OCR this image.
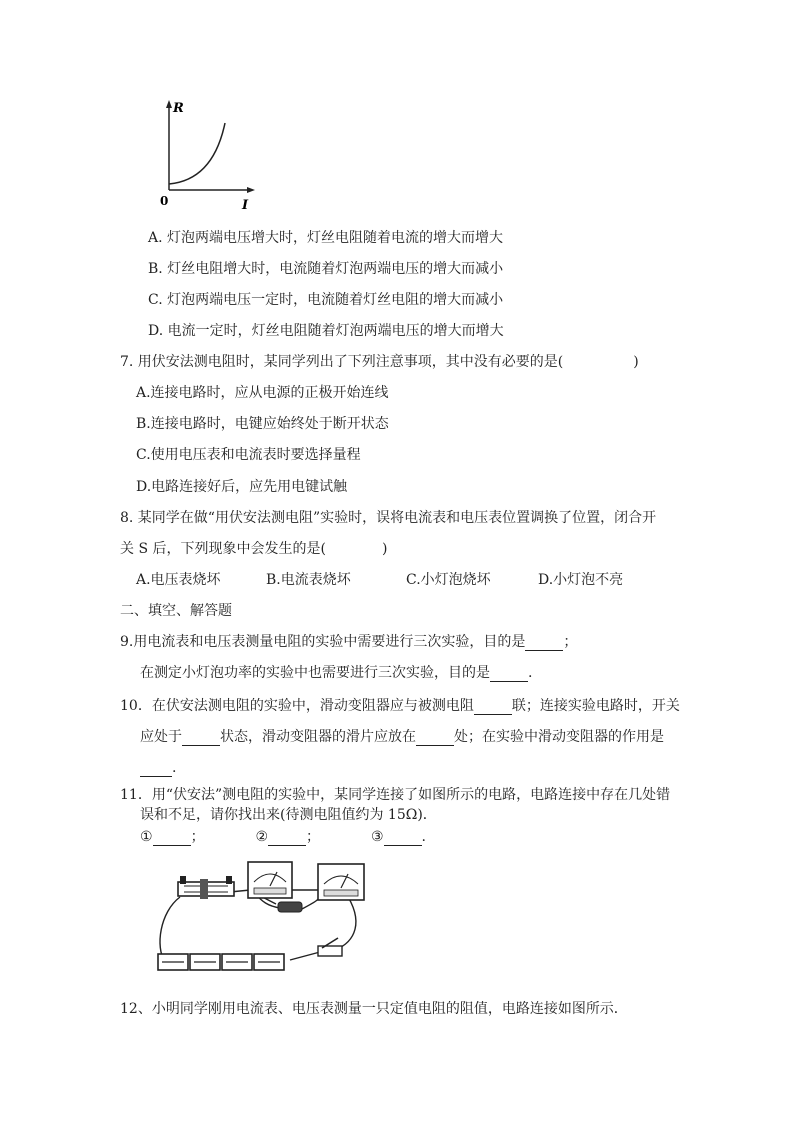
R
I
0
A. 灯泡两端电压增大时，灯丝电阻随着电流的增大而增大
B. 灯丝电阻增大时，电流随着灯泡两端电压的增大而减小
C. 灯泡两端电压一定时，电流随着灯丝电阻的增大而减小
D. 电流一定时，灯丝电阻随着灯泡两端电压的增大而增大
7. 用伏安法测电阻时，某同学列出了下列注意事项，其中没有必要的是(　　　　　)
A.连接电路时，应从电源的正极开始连线
B.连接电路时，电键应始终处于断开状态
C.使用电压表和电流表时要选择量程
D.电路连接好后，应先用电键试触
8. 某同学在做“用伏安法测电阻”实验时，误将电流表和电压表位置调换了位置，闭合开
关 S 后，下列现象中会发生的是(　　　　)
A.电压表烧坏	B.电流表烧坏	C.小灯泡烧坏	D.小灯泡不亮
二、填空、解答题
9.用电流表和电压表测量电阻的实验中需要进行三次实验，目的是	；
在测定小灯泡功率的实验中也需要进行三次实验，目的是	.
10．在伏安法测电阻的实验中，滑动变阻器应与被测电阻	联；连接实验电路时，开关
应处于	状态，滑动变阻器的滑片应放在	处；在实验中滑动变阻器的作用是
.
11．用“伏安法”测电阻的实验中，某同学连接了如图所示的电路，电路连接中存在几处错
误和不足，请你找出来(待测电阻值约为 15Ω)．
①	；	②	；	③	.
12、小明同学刚用电流表、电压表测量一只定值电阻的阻值，电路连接如图所示．
